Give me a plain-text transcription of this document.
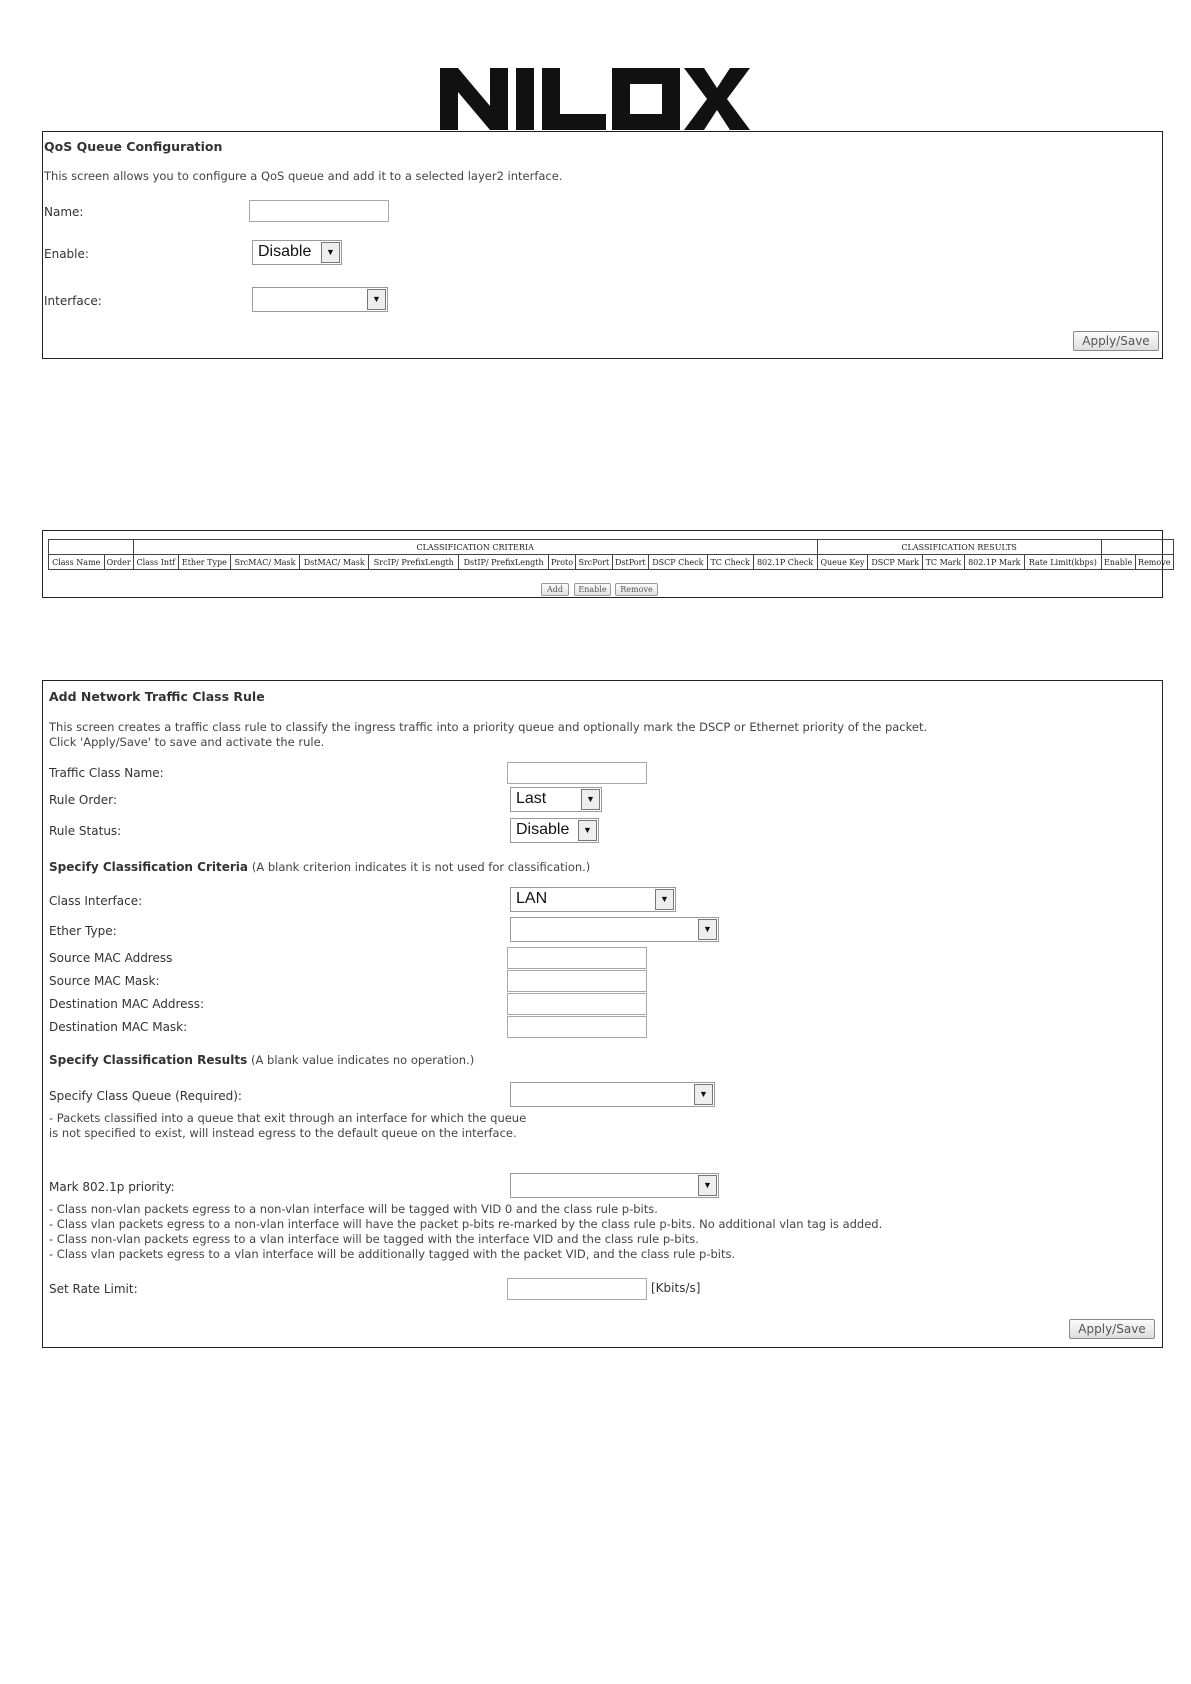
NILOX
QoS Queue Configuration
This screen allows you to configure a QoS queue and add it to a selected layer2 interface.
Name:
Enable:	Disable	▼
Interface:	▼
Apply/Save
		CLASSIFICATION CRITERIA												CLASSIFICATION RESULTS						
Class Name	Order	Class Intf	Ether Type	SrcMAC/ Mask	DstMAC/ Mask	SrcIP/ PrefixLength	DstIP/ PrefixLength	Proto	SrcPort	DstPort	DSCP Check	TC Check	802.1P Check	Queue Key	DSCP Mark	TC Mark	802.1P Mark	Rate Limit(kbps)	Enable	Remove
Add	Enable	Remove
Add Network Traffic Class Rule
This screen creates a traffic class rule to classify the ingress traffic into a priority queue and optionally mark the DSCP or Ethernet priority of the packet.
Click 'Apply/Save' to save and activate the rule.
Traffic Class Name:
Rule Order:	Last	▼
Rule Status:	Disable	▼
Specify Classification Criteria (A blank criterion indicates it is not used for classification.)
Class Interface:	LAN	▼
Ether Type:	▼
Source MAC Address
Source MAC Mask:
Destination MAC Address:
Destination MAC Mask:
Specify Classification Results (A blank value indicates no operation.)
Specify Class Queue (Required):	▼
- Packets classified into a queue that exit through an interface for which the queue
is not specified to exist, will instead egress to the default queue on the interface.
Mark 802.1p priority:	▼
- Class non-vlan packets egress to a non-vlan interface will be tagged with VID 0 and the class rule p-bits.
- Class vlan packets egress to a non-vlan interface will have the packet p-bits re-marked by the class rule p-bits. No additional vlan tag is added.
- Class non-vlan packets egress to a vlan interface will be tagged with the interface VID and the class rule p-bits.
- Class vlan packets egress to a vlan interface will be additionally tagged with the packet VID, and the class rule p-bits.
Set Rate Limit:	[Kbits/s]
Apply/Save
